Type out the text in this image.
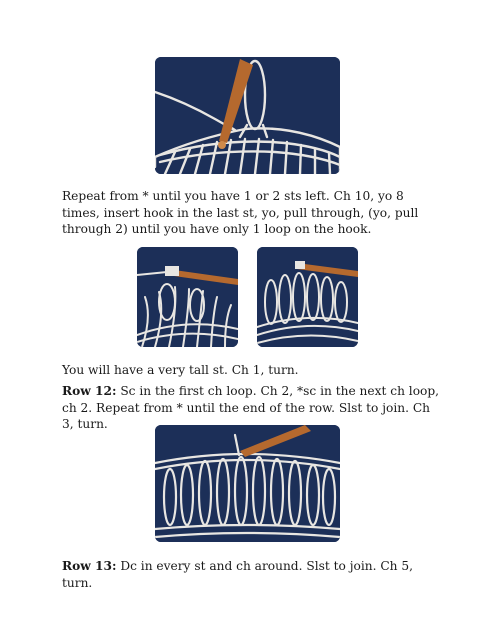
Repeat from * until you have 1 or 2 sts left. Ch 10, yo 8 times, insert hook in the last st, yo, pull through, (yo, pull through 2) until you have only 1 loop on the hook.

You will have a very tall st. Ch 1, turn.

Row 12: Sc in the first ch loop. Ch 2, *sc in the next ch loop, ch 2. Repeat from * until the end of the row. Slst to join. Ch 3, turn.

Row 13: Dc in every st and ch around. Slst to join. Ch 5, turn.
